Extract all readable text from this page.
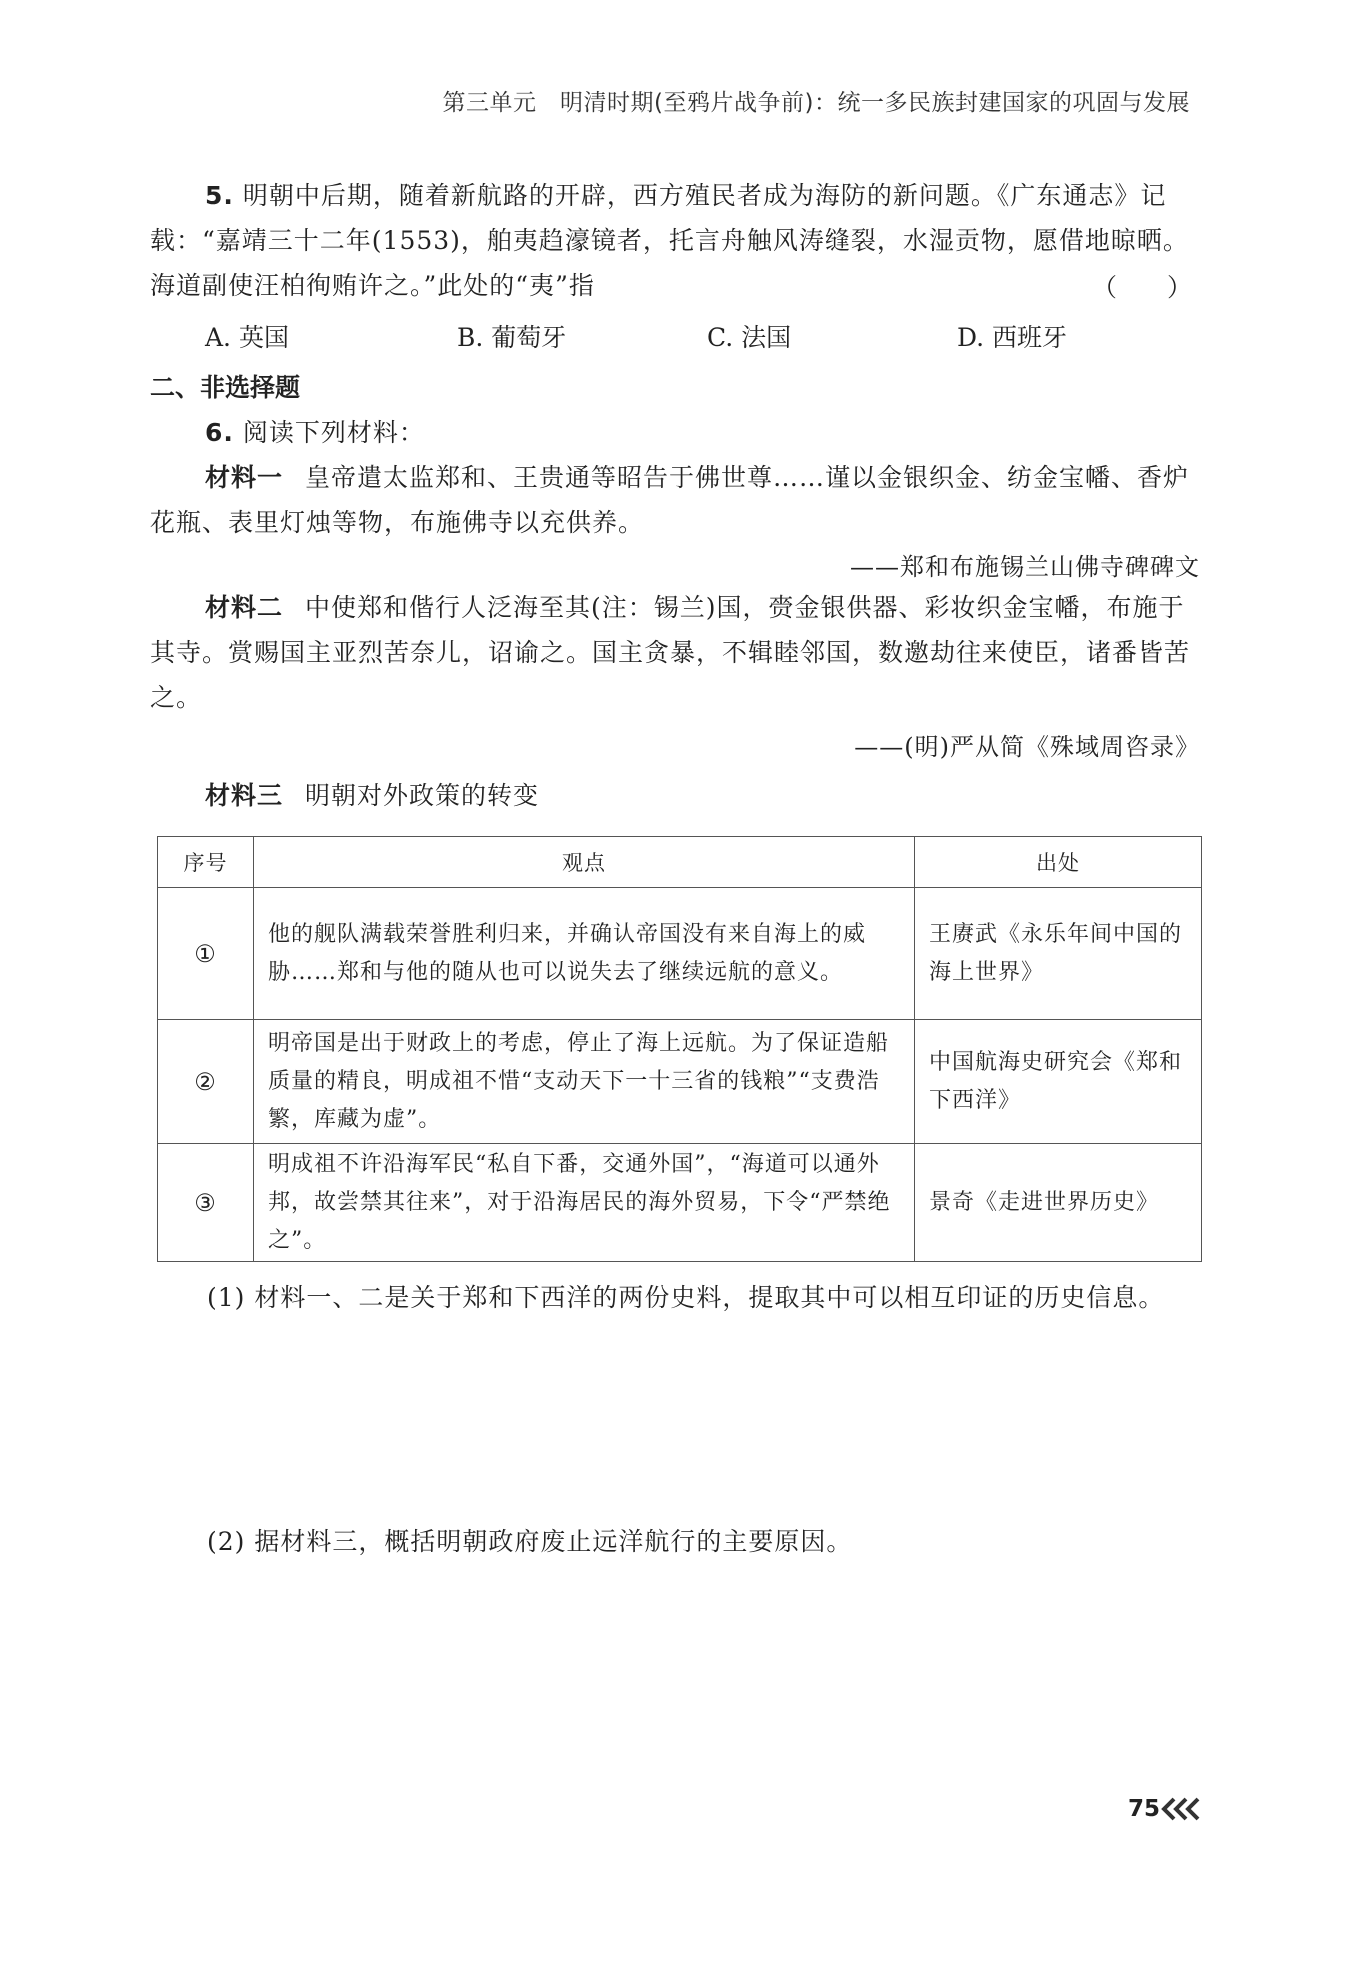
第三单元　明清时期(至鸦片战争前)：统一多民族封建国家的巩固与发展
5. 明朝中后期，随着新航路的开辟，西方殖民者成为海防的新问题。《广东通志》记载：“嘉靖三十二年(1553)，舶夷趋濠镜者，托言舟触风涛缝裂，水湿贡物，愿借地晾晒。海道副使汪柏徇贿许之。”此处的“夷”指	（　　）
A. 英国	B. 葡萄牙	C. 法国	D. 西班牙
二、非选择题
6. 阅读下列材料：
材料一 皇帝遣太监郑和、王贵通等昭告于佛世尊……谨以金银织金、纺金宝幡、香炉花瓶、表里灯烛等物，布施佛寺以充供养。
——郑和布施锡兰山佛寺碑碑文
材料二 中使郑和偕行人泛海至其(注：锡兰)国，赍金银供器、彩妆织金宝幡，布施于其寺。赏赐国主亚烈苦奈儿，诏谕之。国主贪暴，不辑睦邻国，数邀劫往来使臣，诸番皆苦之。
——(明)严从简《殊域周咨录》
材料三 明朝对外政策的转变
序号	观点	出处
①	他的舰队满载荣誉胜利归来，并确认帝国没有来自海上的威胁……郑和与他的随从也可以说失去了继续远航的意义。	王赓武《永乐年间中国的海上世界》
②	明帝国是出于财政上的考虑，停止了海上远航。为了保证造船质量的精良，明成祖不惜“支动天下一十三省的钱粮”“支费浩繁，库藏为虚”。	中国航海史研究会《郑和下西洋》
③	明成祖不许沿海军民“私自下番，交通外国”，“海道可以通外邦，故尝禁其往来”，对于沿海居民的海外贸易，下令“严禁绝之”。	景奇《走进世界历史》
(1) 材料一、二是关于郑和下西洋的两份史料，提取其中可以相互印证的历史信息。
(2) 据材料三，概括明朝政府废止远洋航行的主要原因。
75
